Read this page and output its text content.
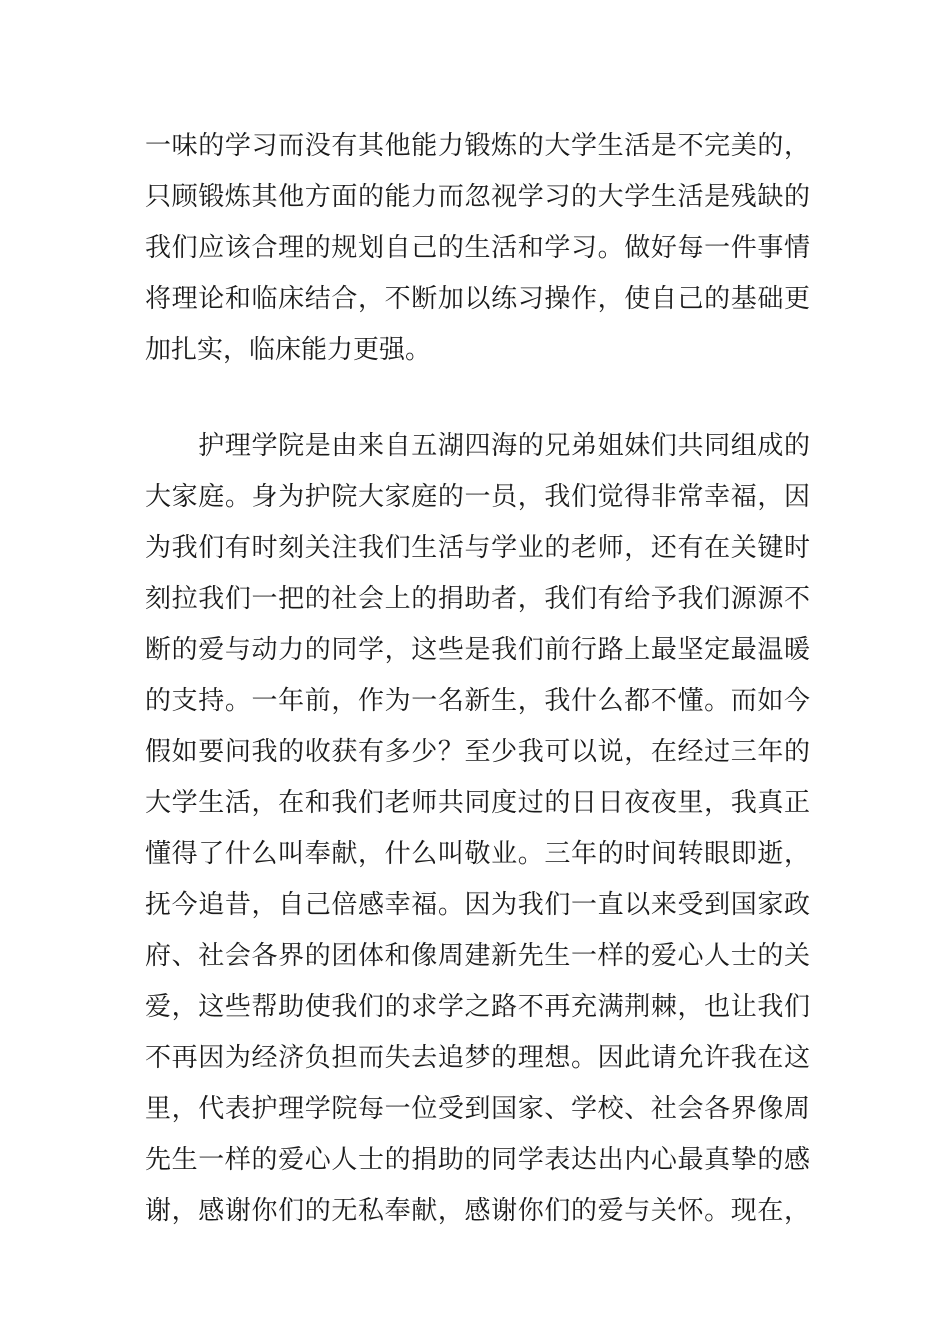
一味的学习而没有其他能力锻炼的大学生活是不完美的，
只顾锻炼其他方面的能力而忽视学习的大学生活是残缺的
我们应该合理的规划自己的生活和学习。做好每一件事情
将理论和临床结合，不断加以练习操作，使自己的基础更
加扎实，临床能力更强。
　　护理学院是由来自五湖四海的兄弟姐妹们共同组成的
大家庭。身为护院大家庭的一员，我们觉得非常幸福，因
为我们有时刻关注我们生活与学业的老师，还有在关键时
刻拉我们一把的社会上的捐助者，我们有给予我们源源不
断的爱与动力的同学，这些是我们前行路上最坚定最温暖
的支持。一年前，作为一名新生，我什么都不懂。而如今
假如要问我的收获有多少？至少我可以说，在经过三年的
大学生活，在和我们老师共同度过的日日夜夜里，我真正
懂得了什么叫奉献，什么叫敬业。三年的时间转眼即逝，
抚今追昔，自己倍感幸福。因为我们一直以来受到国家政
府、社会各界的团体和像周建新先生一样的爱心人士的关
爱，这些帮助使我们的求学之路不再充满荆棘，也让我们
不再因为经济负担而失去追梦的理想。因此请允许我在这
里，代表护理学院每一位受到国家、学校、社会各界像周
先生一样的爱心人士的捐助的同学表达出内心最真挚的感
谢，感谢你们的无私奉献，感谢你们的爱与关怀。现在，
